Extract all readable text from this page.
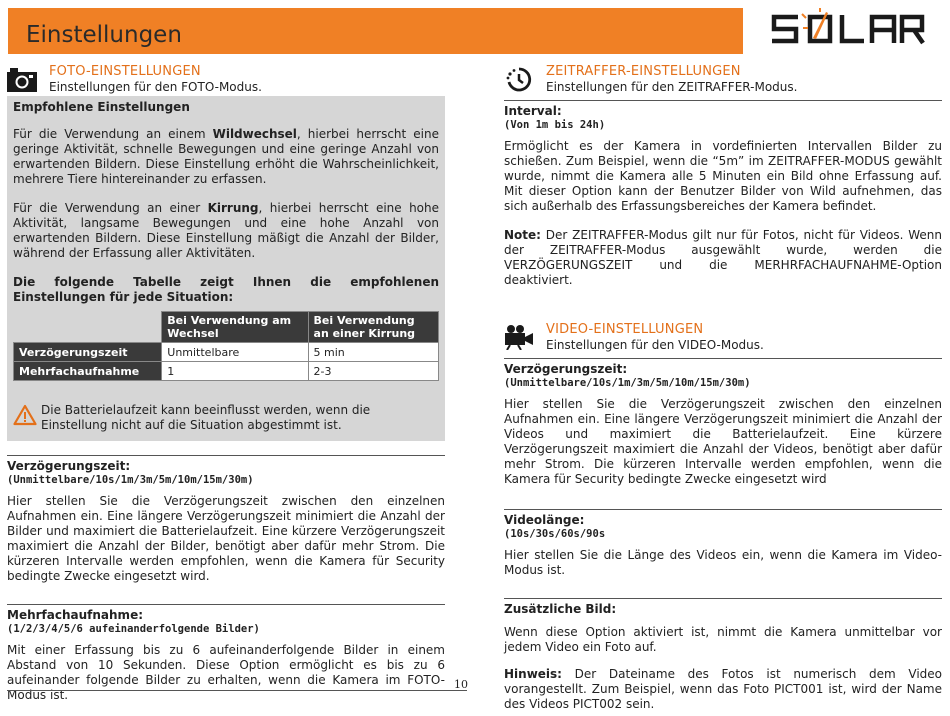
Einstellungen
SOLAR
FOTO-EINSTELLUNGEN
Einstellungen für den FOTO-Modus.

Empfohlene Einstellungen

Für die Verwendung an einem Wildwechsel, hierbei herrscht eine geringe Aktivität, schnelle Bewegungen und eine geringe Anzahl von erwartenden Bildern. Diese Einstellung erhöht die Wahrscheinlichkeit, mehrere Tiere hintereinander zu erfassen.

Für die Verwendung an einer Kirrung, hierbei herrscht eine hohe Aktivität, langsame Bewegungen und eine hohe Anzahl von erwartenden Bildern. Diese Einstellung mäßigt die Anzahl der Bilder, während der Erfassung aller Aktivitäten.

Die folgende Tabelle zeigt Ihnen die empfohlenen Einstellungen für jede Situation:

	Bei Verwendung am Wechsel	Bei Verwendung an einer Kirrung
Verzögerungszeit	Unmittelbare	5 min
Mehrfachaufnahme	1	2-3

Die Batterielaufzeit kann beeinflusst werden, wenn die Einstellung nicht auf die Situation abgestimmt ist.

Verzögerungszeit:

(Unmittelbare/10s/1m/3m/5m/10m/15m/30m)

Hier stellen Sie die Verzögerungszeit zwischen den einzelnen Aufnahmen ein. Eine längere Verzögerungszeit minimiert die Anzahl der Bilder und maximiert die Batterielaufzeit. Eine kürzere Verzögerungszeit maximiert die Anzahl der Bilder, benötigt aber dafür mehr Strom. Die kürzeren Intervalle werden empfohlen, wenn die Kamera für Security bedingte Zwecke eingesetzt wird.

Mehrfachaufnahme:

(1/2/3/4/5/6 aufeinanderfolgende Bilder)

Mit einer Erfassung bis zu 6 aufeinanderfolgende Bilder in einem Abstand von 10 Sekunden. Diese Option ermöglicht es bis zu 6 aufeinander folgende Bilder zu erhalten, wenn die Kamera im FOTO-Modus ist.

ZEITRAFFER-EINSTELLUNGEN
Einstellungen für den ZEITRAFFER-Modus.

Interval:

(Von 1m bis 24h)

Ermöglicht es der Kamera in vordefinierten Intervallen Bilder zu schießen. Zum Beispiel, wenn die “5m” im ZEITRAFFER-MODUS gewählt wurde, nimmt die Kamera alle 5 Minuten ein Bild ohne Erfassung auf. Mit dieser Option kann der Benutzer Bilder von Wild aufnehmen, das sich außerhalb des Erfassungsbereiches der Kamera befindet.

Note: Der ZEITRAFFER-Modus gilt nur für Fotos, nicht für Videos. Wenn der ZEITRAFFER-Modus ausgewählt wurde, werden die VERZÖGERUNGSZEIT und die MERHRFACHAUFNAHME-Option deaktiviert.

VIDEO-EINSTELLUNGEN
Einstellungen für den VIDEO-Modus.

Verzögerungszeit:

(Unmittelbare/10s/1m/3m/5m/10m/15m/30m)

Hier stellen Sie die Verzögerungszeit zwischen den einzelnen Aufnahmen ein. Eine längere Verzögerungszeit minimiert die Anzahl der Videos und maximiert die Batterielaufzeit. Eine kürzere Verzögerungszeit maximiert die Anzahl der Videos, benötigt aber dafür mehr Strom. Die kürzeren Intervalle werden empfohlen, wenn die Kamera für Security bedingte Zwecke eingesetzt wird

Videolänge:

(10s/30s/60s/90s

Hier stellen Sie die Länge des Videos ein, wenn die Kamera im Video-Modus ist.

Zusätzliche Bild:

Wenn diese Option aktiviert ist, nimmt die Kamera unmittelbar vor jedem Video ein Foto auf.

Hinweis: Der Dateiname des Fotos ist numerisch dem Video vorangestellt. Zum Beispiel, wenn das Foto PICT001 ist, wird der Name des Videos PICT002 sein.

10
